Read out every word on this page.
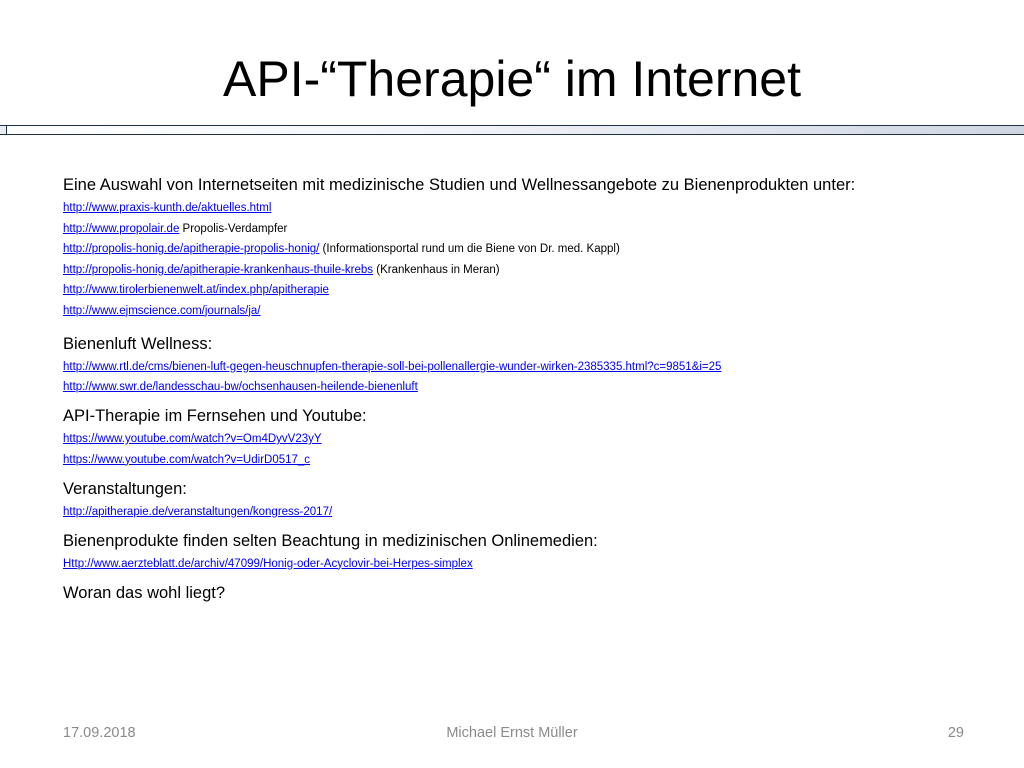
API-“Therapie“ im Internet
Eine Auswahl von Internetseiten mit medizinische Studien und Wellnessangebote zu Bienenprodukten unter:
http://www.praxis-kunth.de/aktuelles.html
http://www.propolair.de Propolis-Verdampfer
http://propolis-honig.de/apitherapie-propolis-honig/ (Informationsportal rund um die Biene von Dr. med. Kappl)
http://propolis-honig.de/apitherapie-krankenhaus-thuile-krebs (Krankenhaus in Meran)
http://www.tirolerbienenwelt.at/index.php/apitherapie
http://www.ejmscience.com/journals/ja/
Bienenluft Wellness:
http://www.rtl.de/cms/bienen-luft-gegen-heuschnupfen-therapie-soll-bei-pollenallergie-wunder-wirken-2385335.html?c=9851&i=25
http://www.swr.de/landesschau-bw/ochsenhausen-heilende-bienenluft
API-Therapie im Fernsehen und Youtube:
https://www.youtube.com/watch?v=Om4DyvV23yY
https://www.youtube.com/watch?v=UdirD0517_c
Veranstaltungen:
http://apitherapie.de/veranstaltungen/kongress-2017/
Bienenprodukte finden selten Beachtung in medizinischen Onlinemedien:
Http://www.aerzteblatt.de/archiv/47099/Honig-oder-Acyclovir-bei-Herpes-simplex
Woran das wohl liegt?
17.09.2018	Michael Ernst Müller	29
